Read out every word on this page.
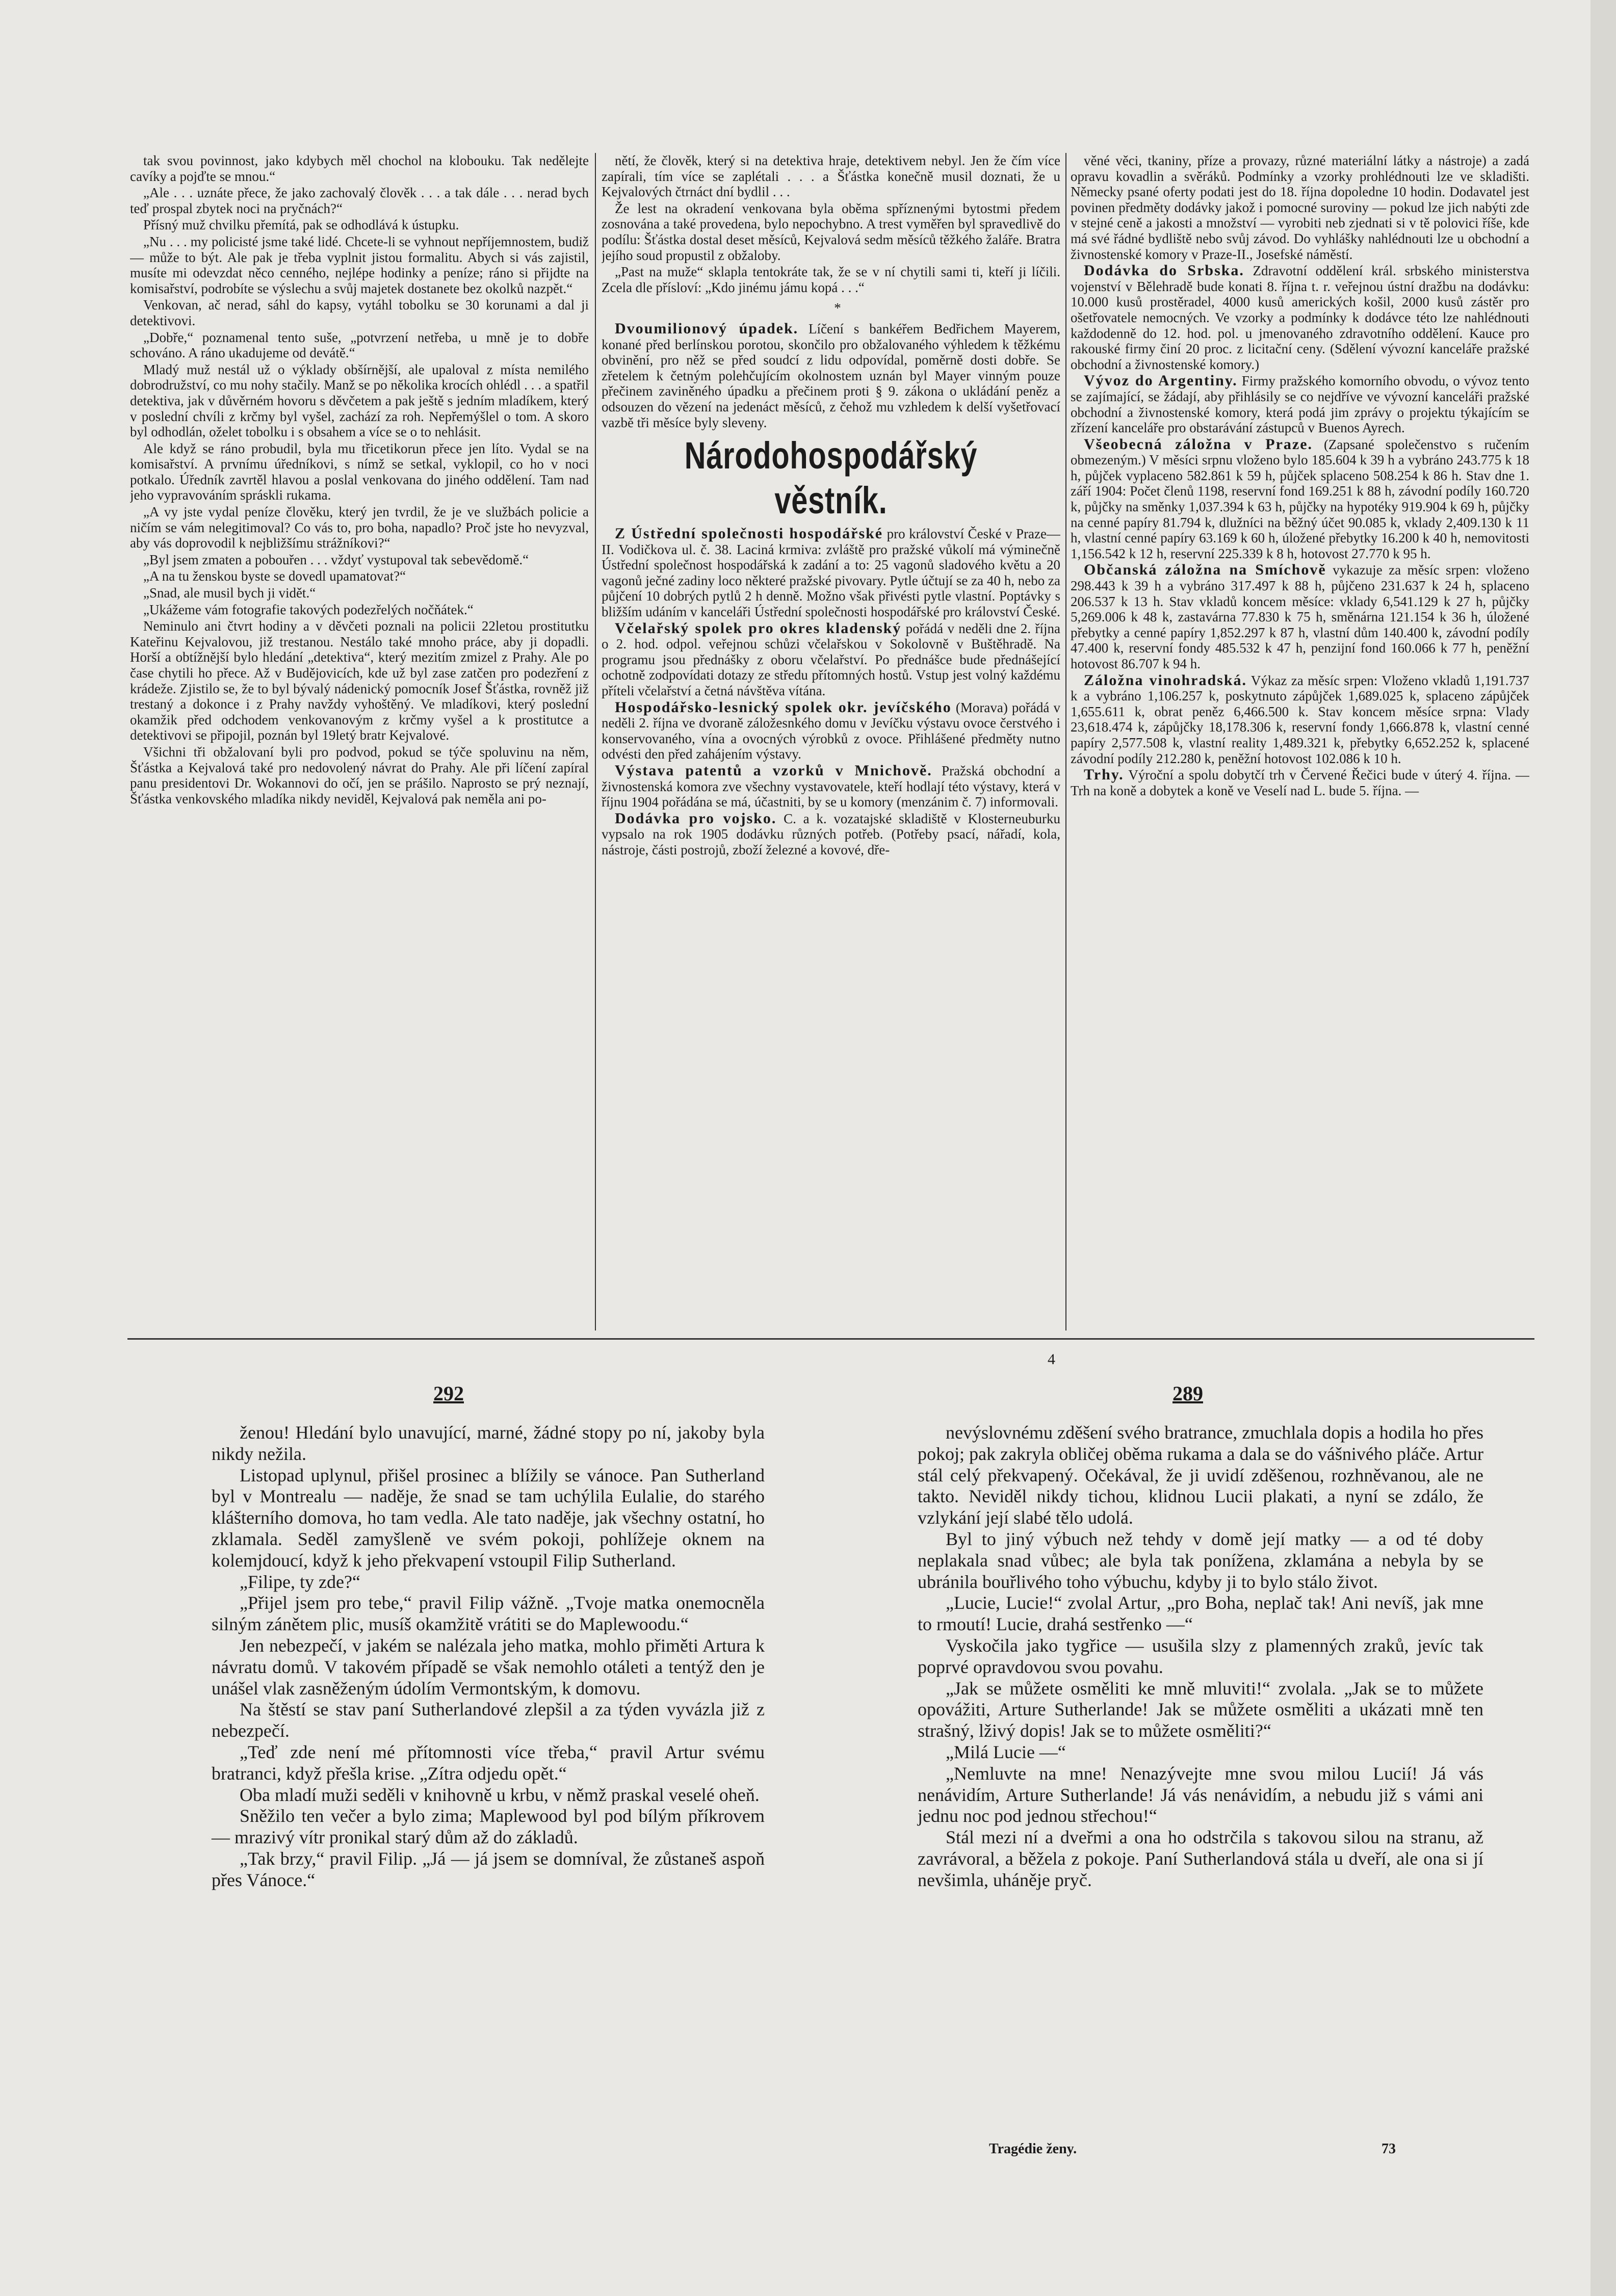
tak svou povinnost, jako kdybych měl chochol na klobouku. Tak nedělejte cavíky a pojďte se mnou.“

„Ale . . . uznáte přece, že jako zachovalý člověk . . . a tak dále . . . nerad bych teď prospal zbytek noci na pryčnách?“

Přísný muž chvilku přemítá, pak se odhodlává k ústupku.

„Nu . . . my policisté jsme také lidé. Chcete-li se vyhnout nepříjemnostem, budiž — může to být. Ale pak je třeba vyplnit jistou formalitu. Abych si vás zajistil, musíte mi odevzdat něco cenného, nejlépe hodinky a peníze; ráno si přijdte na komisařství, podrobíte se výslechu a svůj majetek dostanete bez okolků nazpět.“

Venkovan, ač nerad, sáhl do kapsy, vytáhl tobolku se 30 korunami a dal ji detektivovi.

„Dobře,“ poznamenal tento suše, „potvrzení netřeba, u mně je to dobře schováno. A ráno ukadujeme od devátě.“

Mladý muž nestál už o výklady obšírnější, ale upaloval z místa nemilého dobrodružství, co mu nohy stačily. Manž se po několika krocích ohlédl . . . a spatřil detektiva, jak v důvěrném hovoru s děvčetem a pak ještě s jedním mladíkem, který v poslední chvíli z krčmy byl vyšel, zachází za roh. Nepřemýšlel o tom. A skoro byl odhodlán, oželet tobolku i s obsahem a více se o to nehlásit.

Ale když se ráno probudil, byla mu třicetikorun přece jen líto. Vydal se na komisařství. A prvnímu úředníkovi, s nímž se setkal, vyklopil, co ho v noci potkalo. Úředník zavrtěl hlavou a poslal venkovana do jiného oddělení. Tam nad jeho vypravováním spráskli rukama.

„A vy jste vydal peníze člověku, který jen tvrdil, že je ve službách policie a ničím se vám nelegitimoval? Co vás to, pro boha, napadlo? Proč jste ho nevyzval, aby vás doprovodil k nejbližšímu strážníkovi?“

„Byl jsem zmaten a pobouřen . . . vždyť vystupoval tak sebevědomě.“

„A na tu ženskou byste se dovedl upamatovat?“

„Snad, ale musil bych ji vidět.“

„Ukážeme vám fotografie takových podezřelých nočňátek.“

Neminulo ani čtvrt hodiny a v děvčeti poznali na policii 22letou prostitutku Kateřinu Kejvalovou, již trestanou. Nestálo také mnoho práce, aby ji dopadli. Horší a obtížnější bylo hledání „detektiva“, který mezitím zmizel z Prahy. Ale po čase chytili ho přece. Až v Budějovicích, kde už byl zase zatčen pro podezření z krádeže. Zjistilo se, že to byl bývalý nádenický pomocník Josef Šťástka, rovněž již trestaný a dokonce i z Prahy navždy vyhoštěný. Ve mladíkovi, který poslední okamžik před odchodem venkovanovým z krčmy vyšel a k prostitutce a detektivovi se připojil, poznán byl 19letý bratr Kejvalové.

Všichni tři obžalovaní byli pro podvod, pokud se týče spoluvinu na něm, Šťástka a Kejvalová také pro nedovolený návrat do Prahy. Ale při líčení zapíral panu presidentovi Dr. Wokannovi do očí, jen se prášilo. Naprosto se prý neznají, Šťástka venkovského mladíka nikdy neviděl, Kejvalová pak neměla ani po-

nětí, že člověk, který si na detektiva hraje, detektivem nebyl. Jen že čím více zapírali, tím více se zaplétali . . . a Šťástka konečně musil doznati, že u Kejvalových čtrnáct dní bydlil . . .

Že lest na okradení venkovana byla oběma spříznenými bytostmi předem zosnována a také provedena, bylo nepochybno. A trest vyměřen byl spravedlivě do podílu: Šťástka dostal deset měsíců, Kejvalová sedm měsíců těžkého žaláře. Bratra jejího soud propustil z obžaloby.

„Past na muže“ sklapla tentokráte tak, že se v ní chytili sami ti, kteří ji líčili. Zcela dle přísloví: „Kdo jinému jámu kopá . . .“

*

Dvoumilionový úpadek. Líčení s bankéřem Bedřichem Mayerem, konané před berlínskou porotou, skončilo pro obžalovaného výhledem k těžkému obvinění, pro něž se před soudcí z lidu odpovídal, poměrně dosti dobře. Se zřetelem k četným polehčujícím okolnostem uznán byl Mayer vinným pouze přečinem zaviněného úpadku a přečinem proti § 9. zákona o ukládání peněz a odsouzen do vězení na jedenáct měsíců, z čehož mu vzhledem k delší vyšetřovací vazbě tři měsíce byly sleveny.

Národohospodářský věstník.

Z Ústřední společnosti hospodářské pro království České v Praze—II. Vodičkova ul. č. 38. Laciná krmiva: zvláště pro pražské vůkolí má výminečně Ústřední společnost hospodářská k zadání a to: 25 vagonů sladového květu a 20 vagonů ječné zadiny loco některé pražské pivovary. Pytle účtují se za 40 h, nebo za půjčení 10 dobrých pytlů 2 h denně. Možno však přivésti pytle vlastní. Poptávky s bližším udáním v kanceláři Ústřední společnosti hospodářské pro království České.

Včelařský spolek pro okres kladenský pořádá v neděli dne 2. října o 2. hod. odpol. veřejnou schůzi včelařskou v Sokolovně v Buštěhradě. Na programu jsou přednášky z oboru včelařství. Po přednášce bude přednášející ochotně zodpovídati dotazy ze středu přítomných hostů. Vstup jest volný každému příteli včelařství a četná návštěva vítána.

Hospodářsko-lesnický spolek okr. jevíčského (Morava) pořádá v neděli 2. října ve dvoraně záložesnkého domu v Jevíčku výstavu ovoce čerstvého i konservovaného, vína a ovocných výrobků z ovoce. Přihlášené předměty nutno odvésti den před zahájením výstavy.

Výstava patentů a vzorků v Mnichově. Pražská obchodní a živnostenská komora zve všechny vystavovatele, kteří hodlají této výstavy, která v říjnu 1904 pořádána se má, účastniti, by se u komory (menzánim č. 7) informovali.

Dodávka pro vojsko. C. a k. vozatajské skladiště v Klosterneuburku vypsalo na rok 1905 dodávku různých potřeb. (Potřeby psací, nářadí, kola, nástroje, části postrojů, zboží železné a kovové, dře-

věné věci, tkaniny, příze a provazy, různé materiální látky a nástroje) a zadá opravu kovadlin a svěráků. Podmínky a vzorky prohlédnouti lze ve skladišti. Německy psané oferty podati jest do 18. října dopoledne 10 hodin. Dodavatel jest povinen předměty dodávky jakož i pomocné suroviny — pokud lze jich nabýti zde v stejné ceně a jakosti a množství — vyrobiti neb zjednati si v tě polovici říše, kde má své řádné bydliště nebo svůj závod. Do vyhlášky nahlédnouti lze u obchodní a živnostenské komory v Praze-II., Josefské náměstí.

Dodávka do Srbska. Zdravotní oddělení král. srbského ministerstva vojenství v Bělehradě bude konati 8. října t. r. veřejnou ústní dražbu na dodávku: 10.000 kusů prostěradel, 4000 kusů amerických košil, 2000 kusů zástěr pro ošetřovatele nemocných. Ve vzorky a podmínky k dodávce této lze nahlédnouti každodenně do 12. hod. pol. u jmenovaného zdravotního oddělení. Kauce pro rakouské firmy činí 20 proc. z licitační ceny. (Sdělení vývozní kanceláře pražské obchodní a živnostenské komory.)

Vývoz do Argentiny. Firmy pražského komorního obvodu, o vývoz tento se zajímající, se žádají, aby přihlásily se co nejdříve ve vývozní kanceláři pražské obchodní a živnostenské komory, která podá jim zprávy o projektu týkajícím se zřízení kanceláře pro obstarávání zástupců v Buenos Ayrech.

Všeobecná záložna v Praze. (Zapsané společenstvo s ručením obmezeným.) V měsíci srpnu vloženo bylo 185.604 k 39 h a vybráno 243.775 k 18 h, půjček vyplaceno 582.861 k 59 h, půjček splaceno 508.254 k 86 h. Stav dne 1. září 1904: Počet členů 1198, reservní fond 169.251 k 88 h, závodní podíly 160.720 k, půjčky na směnky 1,037.394 k 63 h, půjčky na hypotéky 919.904 k 69 h, půjčky na cenné papíry 81.794 k, dlužníci na běžný účet 90.085 k, vklady 2,409.130 k 11 h, vlastní cenné papíry 63.169 k 60 h, úložené přebytky 16.200 k 40 h, nemovitosti 1,156.542 k 12 h, reservní 225.339 k 8 h, hotovost 27.770 k 95 h.

Občanská záložna na Smíchově vykazuje za měsíc srpen: vloženo 298.443 k 39 h a vybráno 317.497 k 88 h, půjčeno 231.637 k 24 h, splaceno 206.537 k 13 h. Stav vkladů koncem měsíce: vklady 6,541.129 k 27 h, půjčky 5,269.006 k 48 k, zastavárna 77.830 k 75 h, směnárna 121.154 k 36 h, úložené přebytky a cenné papíry 1,852.297 k 87 h, vlastní dům 140.400 k, závodní podíly 47.400 k, reservní fondy 485.532 k 47 h, penzijní fond 160.066 k 77 h, peněžní hotovost 86.707 k 94 h.

Záložna vinohradská. Výkaz za měsíc srpen: Vloženo vkladů 1,191.737 k a vybráno 1,106.257 k, poskytnuto zápůjček 1,689.025 k, splaceno zápůjček 1,655.611 k, obrat peněz 6,466.500 k. Stav koncem měsíce srpna: Vlady 23,618.474 k, zápůjčky 18,178.306 k, reservní fondy 1,666.878 k, vlastní cenné papíry 2,577.508 k, vlastní reality 1,489.321 k, přebytky 6,652.252 k, splacené závodní podíly 212.280 k, peněžní hotovost 102.086 k 10 h.

Trhy. Výroční a spolu dobytčí trh v Červené Řečici bude v úterý 4. října. — Trh na koně a dobytek a koně ve Veselí nad L. bude 5. října. —

292	289
4

ženou! Hledání bylo unavující, marné, žádné stopy po ní, jakoby byla nikdy nežila.

Listopad uplynul, přišel prosinec a blížily se vánoce. Pan Sutherland byl v Montrealu — naděje, že snad se tam uchýlila Eulalie, do starého klášterního domova, ho tam vedla. Ale tato naděje, jak všechny ostatní, ho zklamala. Seděl zamyšleně ve svém pokoji, pohlížeje oknem na kolemjdoucí, když k jeho překvapení vstoupil Filip Sutherland.

„Filipe, ty zde?“

„Přijel jsem pro tebe,“ pravil Filip vážně. „Tvoje matka onemocněla silným zánětem plic, musíš okamžitě vrátiti se do Maplewoodu.“

Jen nebezpečí, v jakém se nalézala jeho matka, mohlo přiměti Artura k návratu domů. V takovém případě se však nemohlo otáleti a tentýž den je unášel vlak zasněženým údolím Vermontským, k domovu.

Na štěstí se stav paní Sutherlandové zlepšil a za týden vyvázla již z nebezpečí.

„Teď zde není mé přítomnosti více třeba,“ pravil Artur svému bratranci, když přešla krise. „Zítra odjedu opět.“

Oba mladí muži seděli v knihovně u krbu, v němž praskal veselé oheň.

Sněžilo ten večer a bylo zima; Maplewood byl pod bílým příkrovem — mrazivý vítr pronikal starý dům až do základů.

„Tak brzy,“ pravil Filip. „Já — já jsem se domníval, že zůstaneš aspoň přes Vánoce.“

nevýslovnému zděšení svého bratrance, zmuchlala dopis a hodila ho přes pokoj; pak zakryla obličej oběma rukama a dala se do vášnivého pláče. Artur stál celý překvapený. Očekával, že ji uvidí zděšenou, rozhněvanou, ale ne takto. Neviděl nikdy tichou, klidnou Lucii plakati, a nyní se zdálo, že vzlykání její slabé tělo udolá.

Byl to jiný výbuch než tehdy v domě její matky — a od té doby neplakala snad vůbec; ale byla tak ponížena, zklamána a nebyla by se ubránila bouřlivého toho výbuchu, kdyby ji to bylo stálo život.

„Lucie, Lucie!“ zvolal Artur, „pro Boha, neplač tak! Ani nevíš, jak mne to rmoutí! Lucie, drahá sestřenko —“

Vyskočila jako tygřice — usušila slzy z plamenných zraků, jevíc tak poprvé opravdovou svou povahu.

„Jak se můžete osměliti ke mně mluviti!“ zvolala. „Jak se to můžete opovážiti, Arture Sutherlande! Jak se můžete osměliti a ukázati mně ten strašný, lživý dopis! Jak se to můžete osměliti?“

„Milá Lucie —“

„Nemluvte na mne! Nenazývejte mne svou milou Lucií! Já vás nenávidím, Arture Sutherlande! Já vás nenávidím, a nebudu již s vámi ani jednu noc pod jednou střechou!“

Stál mezi ní a dveřmi a ona ho odstrčila s takovou silou na stranu, až zavrávoral, a běžela z pokoje. Paní Sutherlandová stála u dveří, ale ona si jí nevšimla, uháněje pryč.

Tragédie ženy.	73
